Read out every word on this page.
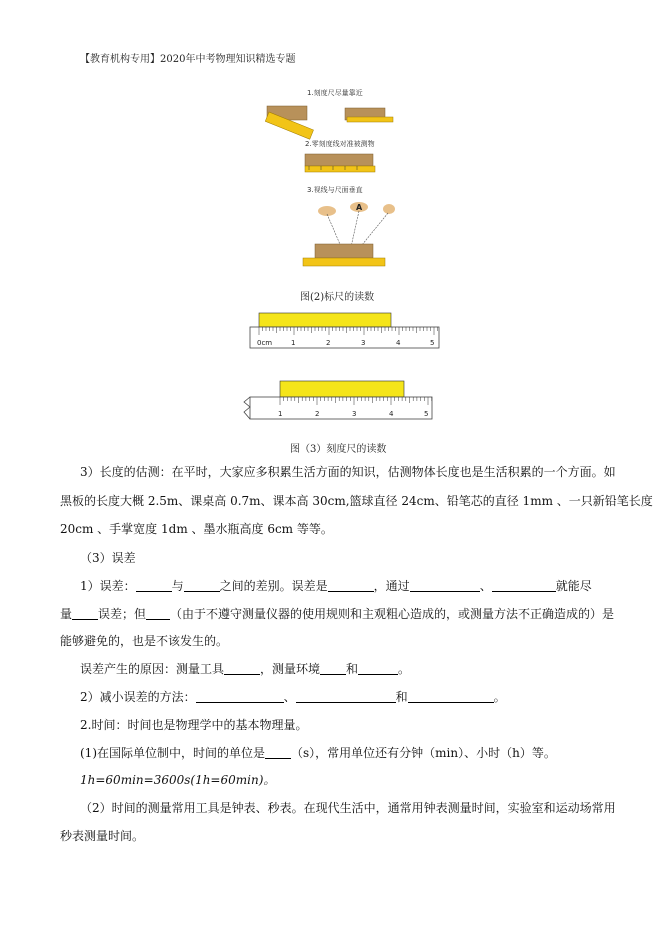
【教育机构专用】2020年中考物理知识精选专题
1.刻度尺尽量靠近
2.零刻度线对准被测物
3.视线与尺面垂直
A
图(2)标尺的读数
0cm	1	2	3	4	5
1	2	3	4	5
图（3）刻度尺的读数
3）长度的估测：在平时，大家应多积累生活方面的知识，估测物体长度也是生活积累的一个方面。如
黑板的长度大概 2.5m、课桌高 0.7m、课本高 30cm,篮球直径 24cm、铅笔芯的直径 1mm 、一只新铅笔长度
20cm 、手掌宽度 1dm 、墨水瓶高度 6cm 等等。
（3）误差
1）误差：	与	之间的差别。误差是	，通过	、	就能尽
量 误差；但 （由于不遵守测量仪器的使用规则和主观粗心造成的，或测量方法不正确造成的）是
能够避免的，也是不该发生的。
误差产生的原因：测量工具	，测量环境 和	。
2）减小误差的方法：	、	和	。
2.时间：时间也是物理学中的基本物理量。
(1)在国际单位制中，时间的单位是 （s），常用单位还有分钟（min）、小时（h）等。
1h=60min=3600s(1h=60min)。
（2）时间的测量常用工具是钟表、秒表。在现代生活中，通常用钟表测量时间，实验室和运动场常用
秒表测量时间。
